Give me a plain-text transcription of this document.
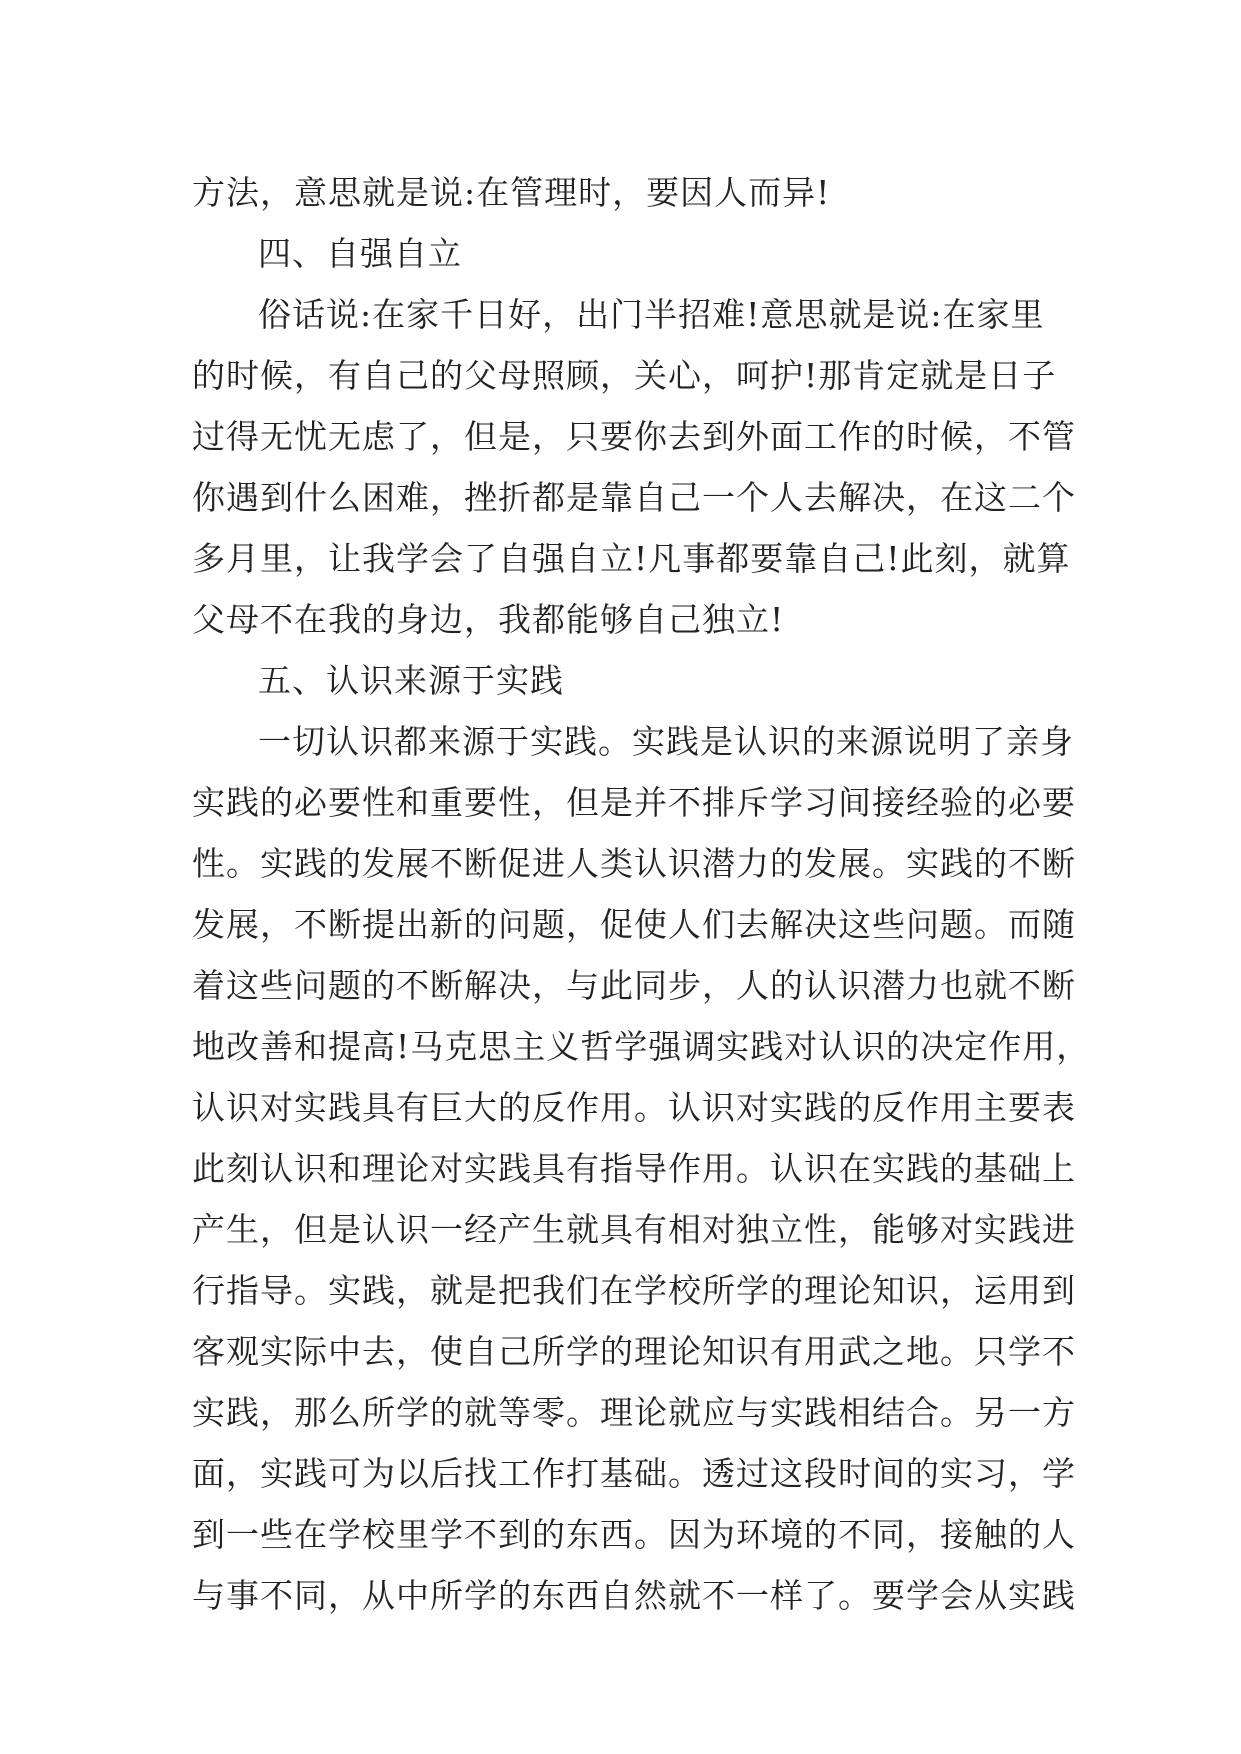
方法，意思就是说:在管理时，要因人而异!
四、自强自立
俗话说:在家千日好，出门半招难!意思就是说:在家里
的时候，有自己的父母照顾，关心，呵护!那肯定就是日子
过得无忧无虑了，但是，只要你去到外面工作的时候，不管
你遇到什么困难，挫折都是靠自己一个人去解决，在这二个
多月里，让我学会了自强自立!凡事都要靠自己!此刻，就算
父母不在我的身边，我都能够自己独立!
五、认识来源于实践
一切认识都来源于实践。实践是认识的来源说明了亲身
实践的必要性和重要性，但是并不排斥学习间接经验的必要
性。实践的发展不断促进人类认识潜力的发展。实践的不断
发展，不断提出新的问题，促使人们去解决这些问题。而随
着这些问题的不断解决，与此同步，人的认识潜力也就不断
地改善和提高!马克思主义哲学强调实践对认识的决定作用，
认识对实践具有巨大的反作用。认识对实践的反作用主要表
此刻认识和理论对实践具有指导作用。认识在实践的基础上
产生，但是认识一经产生就具有相对独立性，能够对实践进
行指导。实践，就是把我们在学校所学的理论知识，运用到
客观实际中去，使自己所学的理论知识有用武之地。只学不
实践，那么所学的就等零。理论就应与实践相结合。另一方
面，实践可为以后找工作打基础。透过这段时间的实习，学
到一些在学校里学不到的东西。因为环境的不同，接触的人
与事不同，从中所学的东西自然就不一样了。要学会从实践
